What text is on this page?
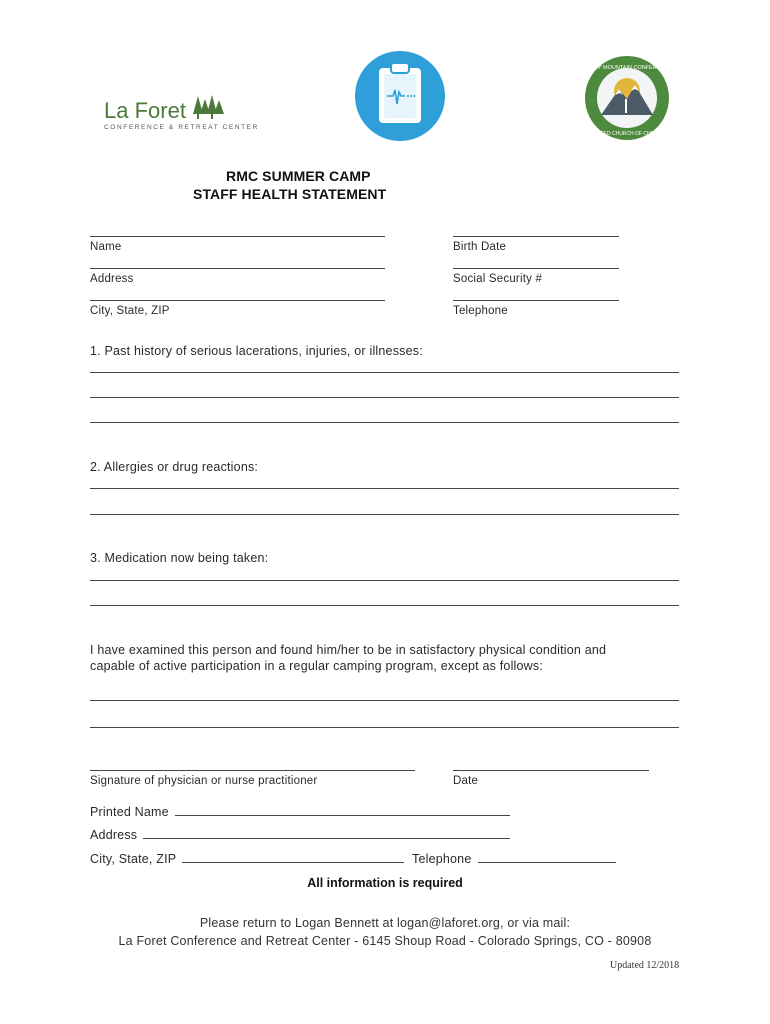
La Foret
CONFERENCE & RETREAT CENTER
ROCKY MOUNTAIN CONFERENCE
UNITED CHURCH OF CHRIST
RMC SUMMER CAMP
STAFF HEALTH STATEMENT
Name	Birth Date
Address	Social Security #
City, State, ZIP	Telephone
1. Past history of serious lacerations, injuries, or illnesses:
2. Allergies or drug reactions:
3. Medication now being taken:
I have examined this person and found him/her to be in satisfactory physical condition and
capable of active participation in a regular camping program, except as follows:
Signature of physician or nurse practitioner	Date
Printed Name
Address
City, State, ZIP	Telephone
All information is required
Please return to Logan Bennett at logan@laforet.org, or via mail:
La Foret Conference and Retreat Center - 6145 Shoup Road - Colorado Springs, CO - 80908
Updated 12/2018
